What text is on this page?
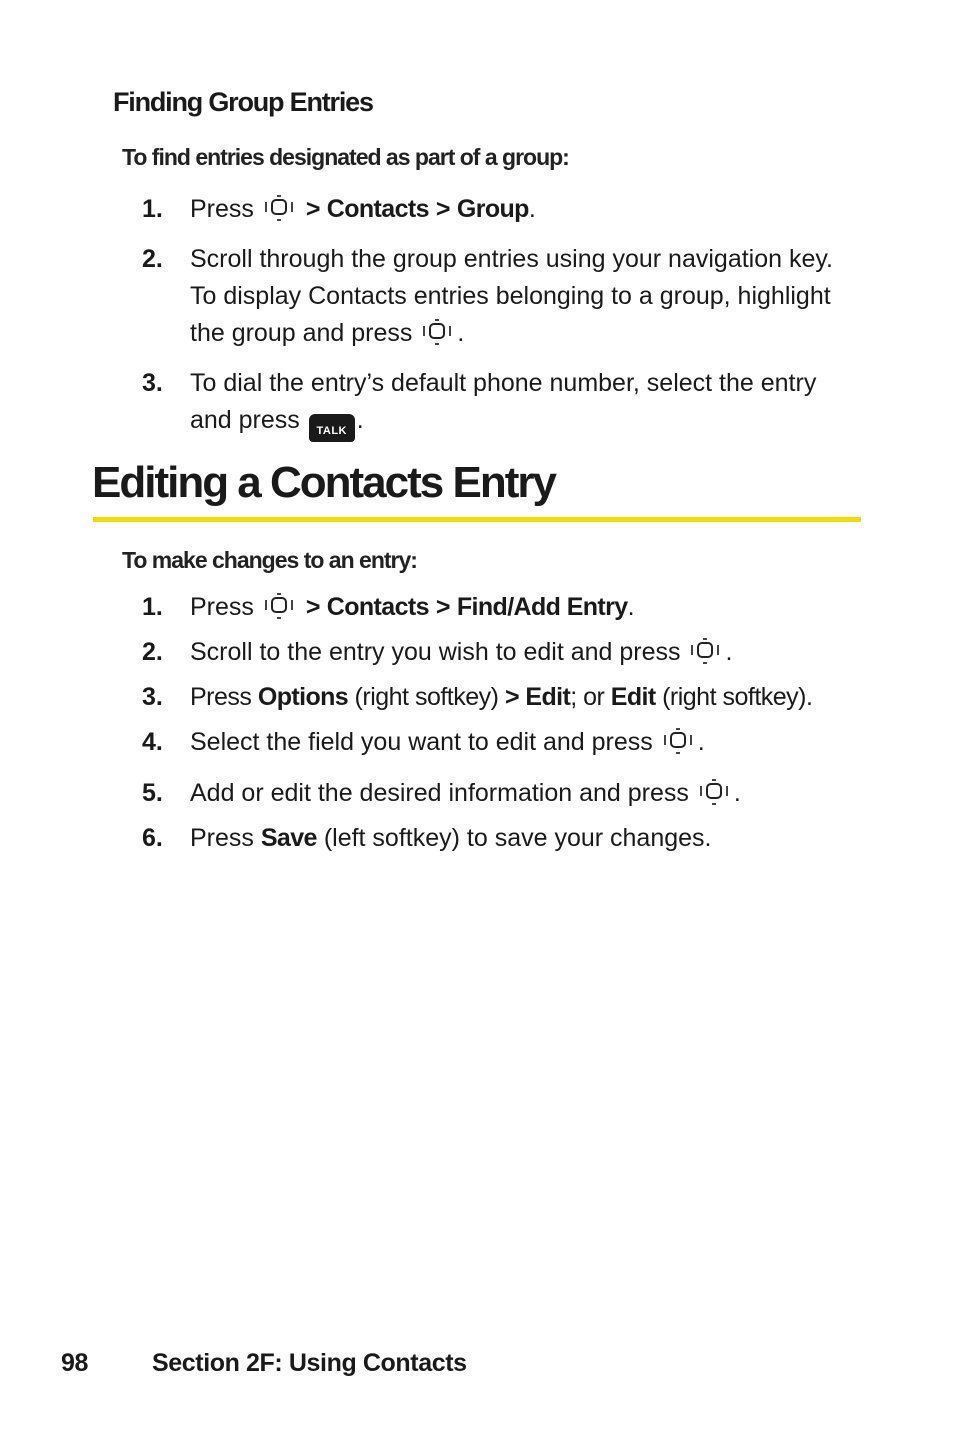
Finding Group Entries
To find entries designated as part of a group:
1. Press > Contacts > Group.
2. Scroll through the group entries using your navigation key. To display Contacts entries belonging to a group, highlight the group and press .
3. To dial the entry’s default phone number, select the entry and press TALK .
Editing a Contacts Entry
To make changes to an entry:
1. Press > Contacts > Find/Add Entry.
2. Scroll to the entry you wish to edit and press .
3. Press Options (right softkey) > Edit; or Edit (right softkey).
4. Select the field you want to edit and press .
5. Add or edit the desired information and press .
6. Press Save (left softkey) to save your changes.
98	Section 2F: Using Contacts
